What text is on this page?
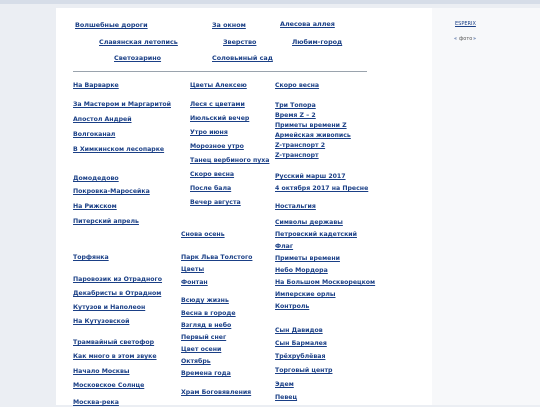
Волшебные дороги	За окном	Алесова аллея
Славянская летопись	Зверство	Любим-город
Светозарино	Соловьиный сад
На Варварке
За Мастером и Маргаритой
Апостол Андрей
Волгоканал
В Химкинском лесопарке
Домодедово
Покровка-Маросейка
На Рижском
Питерский апрель
Торфянка
Паровозик из Отрадного
Декабристы в Отрадном
Кутузов и Наполеон
На Кутузовской
Трамвайный светофор
Как много в этом звуке
Начало Москвы
Московское Солнце
Москва-река
Цветы Алексею
Леся с цветами
Июльский вечер
Утро июня
Морозное утро
Танец вербиного пуха
Скоро весна
После бала
Вечер августа
Снова осень
Парк Льва Толстого
Цветы
Фонтан
Всюду жизнь
Весна в городе
Взгляд в небо
Первый снег
Цвет осени
Октябрь
Времена года
Храм Боговявления
Скоро весна
Три Топора
Время Z – 2
Приметы времени Z
Армейская живопись
Z-транспорт 2
Z-транспорт
Русский марш 2017
4 октября 2017 на Пресне
Ностальгия
Символы державы
Петровский кадетский
Флаг
Приметы времени
Небо Мордора
На Большом Москворецком
Имперские орлы
Контроль
Сын Давидов
Сын Бармалея
Трёхрублёвая
Торговый центр
Эдем
Певец
ESPERIX
« фото »
